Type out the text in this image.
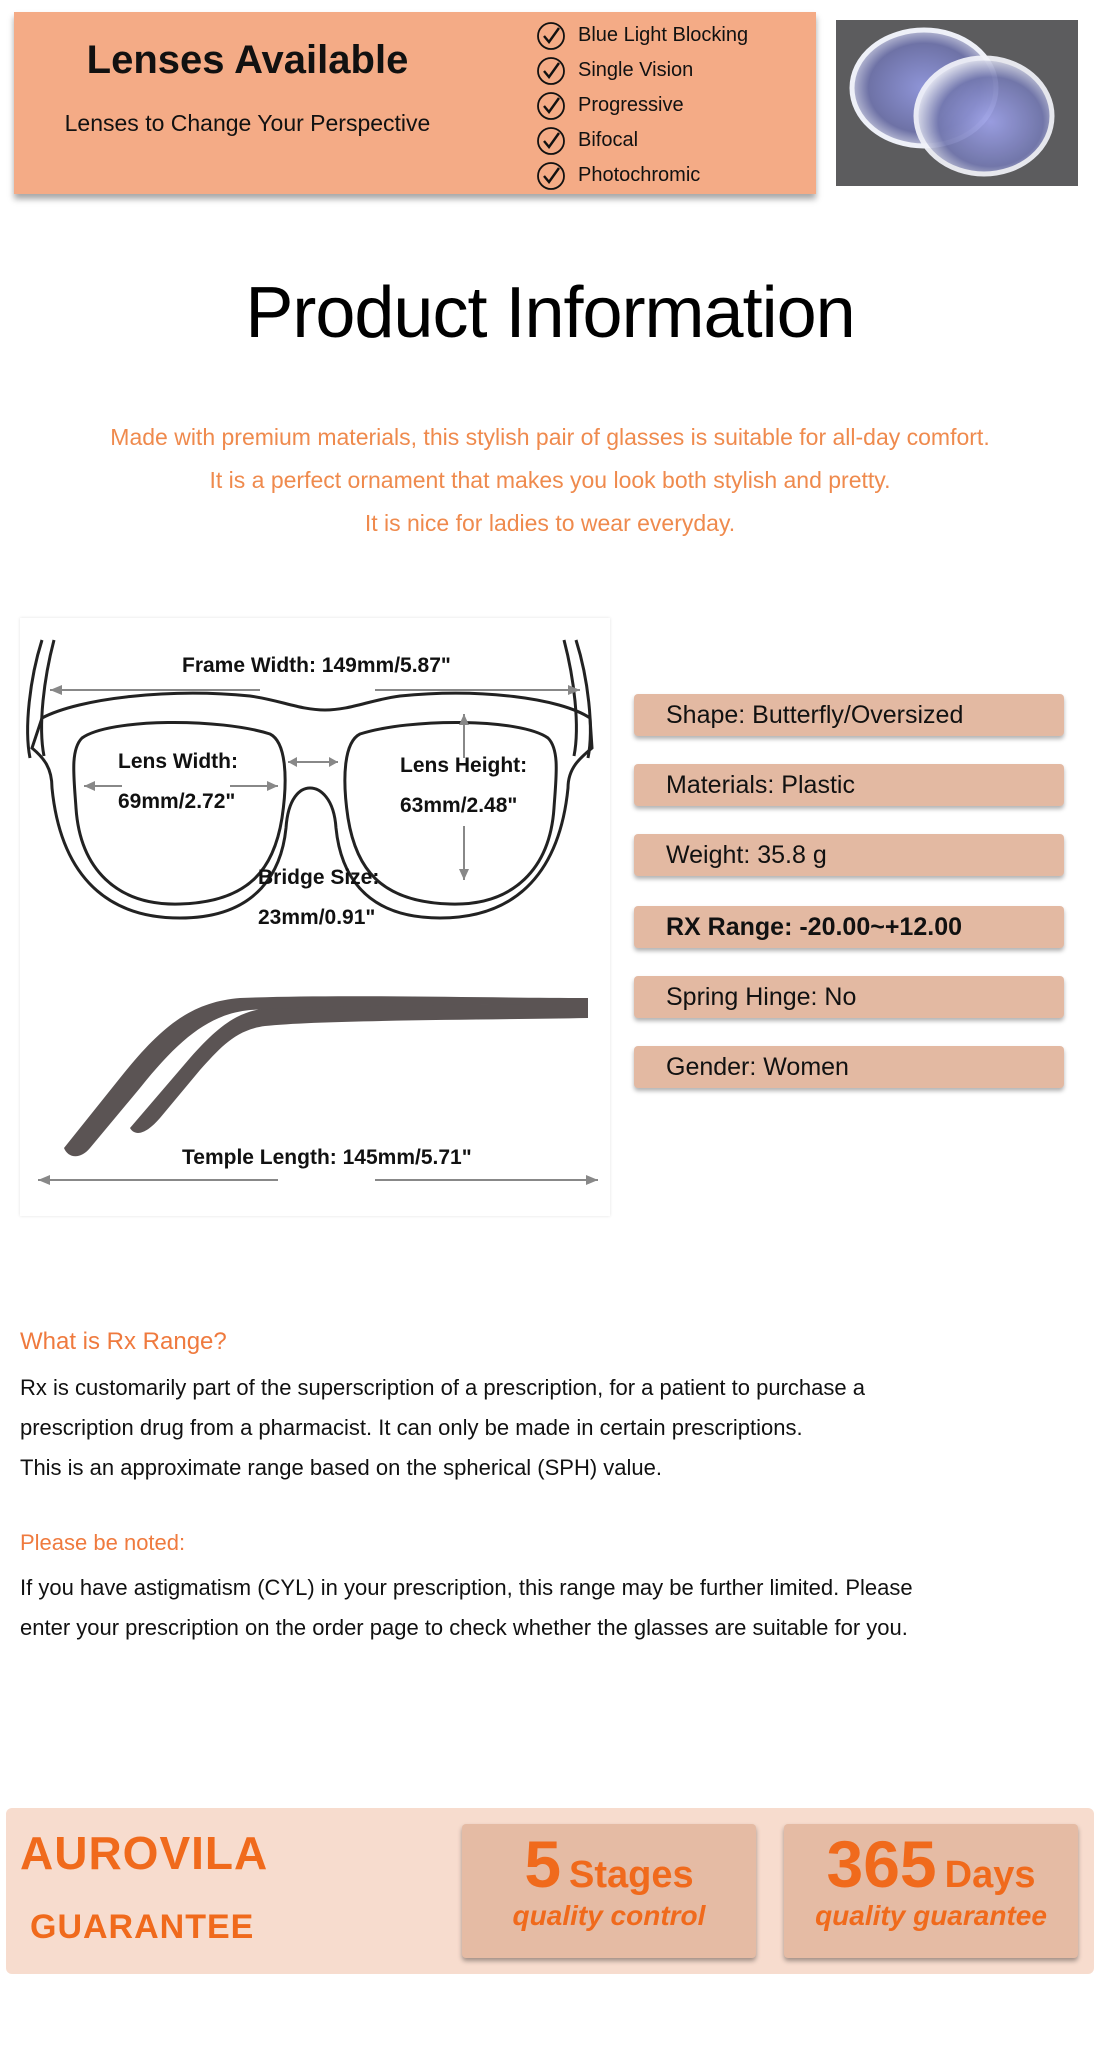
Lenses Available
Lenses to Change Your Perspective
Blue Light Blocking
Single Vision
Progressive
Bifocal
Photochromic
Product Information
Made with premium materials, this stylish pair of glasses is suitable for all-day comfort.
It is a perfect ornament that makes you look both stylish and pretty.
It is nice for ladies to wear everyday.
Frame Width: 149mm/5.87"
Lens Width:
69mm/2.72"
Lens Height:
63mm/2.48"
Bridge Size:
23mm/0.91"
Temple Length: 145mm/5.71"
Shape: Butterfly/Oversized
Materials: Plastic
Weight: 35.8 g
RX Range: -20.00~+12.00
Spring Hinge: No
Gender: Women
What is Rx Range?
Rx is customarily part of the superscription of a prescription, for a patient to purchase a
prescription drug from a pharmacist. It can only be made in certain prescriptions.
This is an approximate range based on the spherical (SPH) value.
Please be noted:
If you have astigmatism (CYL) in your prescription, this range may be further limited. Please
enter your prescription on the order page to check whether the glasses are suitable for you.
AUROVILA
GUARANTEE
5 Stages
quality control
365 Days
quality guarantee
